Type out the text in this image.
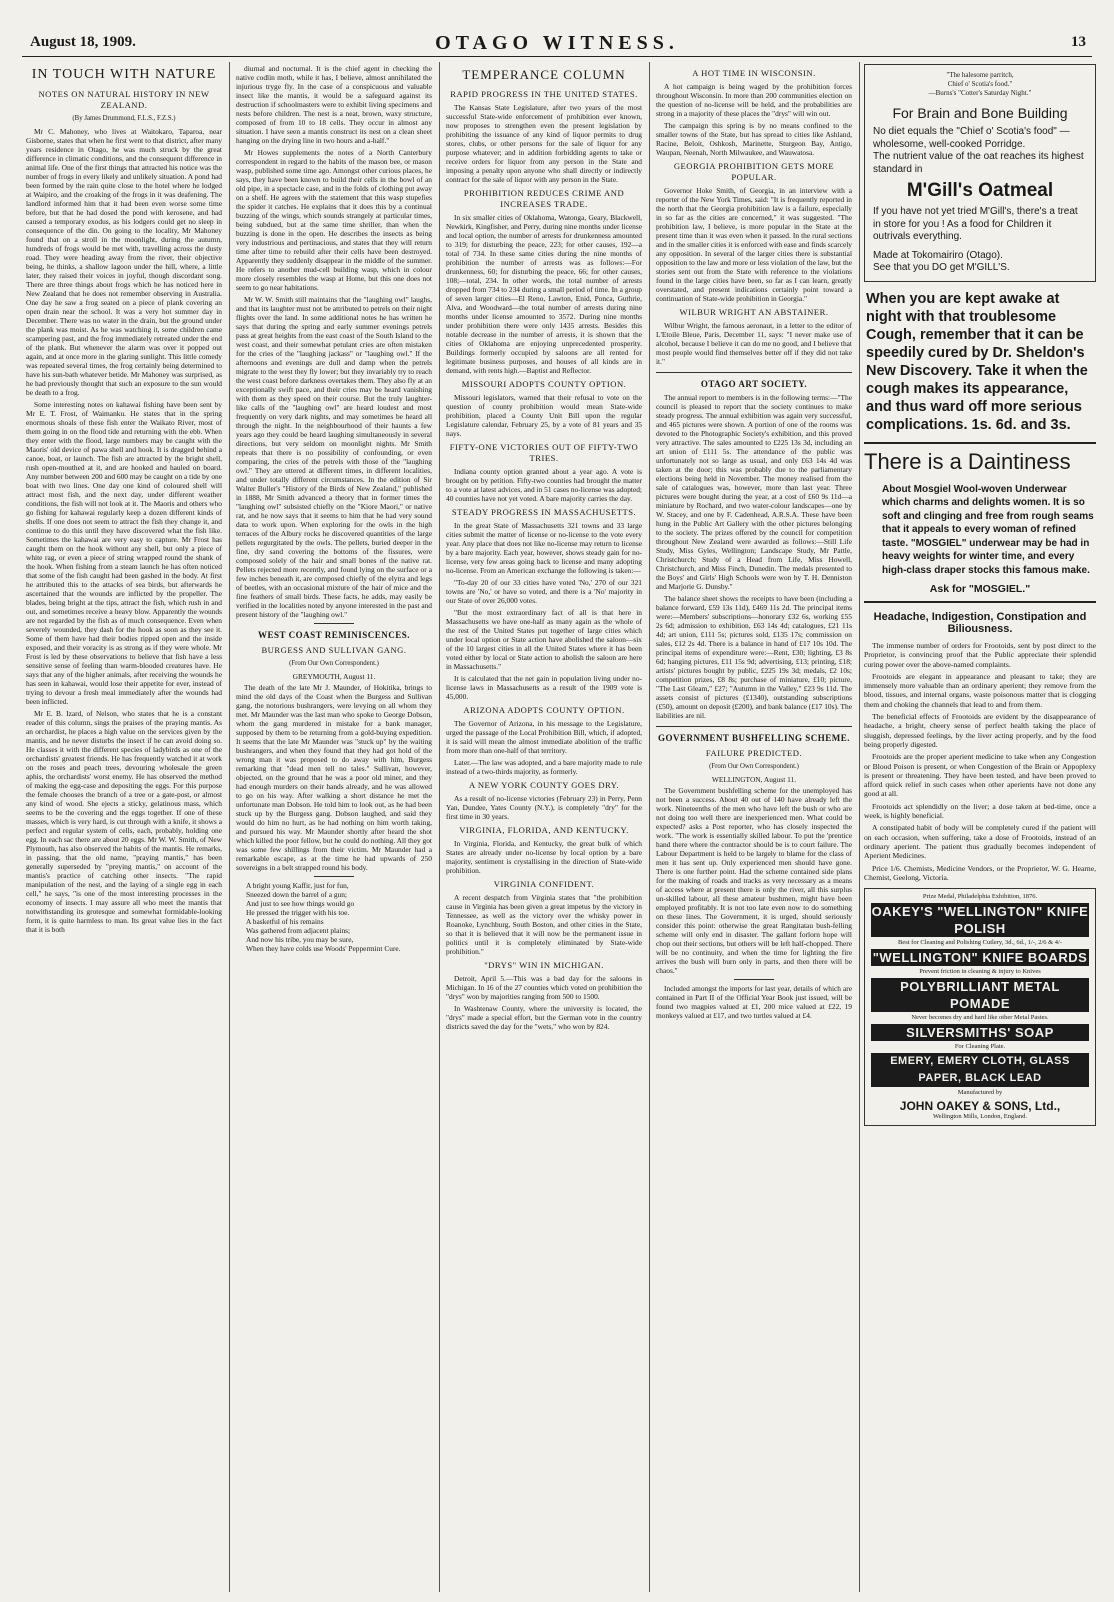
August 18, 1909.	OTAGO WITNESS.	13
IN TOUCH WITH NATURE
NOTES ON NATURAL HISTORY IN NEW ZEALAND.

(By James Drummond, F.L.S., F.Z.S.)

Mr C. Mahoney, who lives at Waitokaro, Taparoa, near Gisborne, states that when he first went to that district, after many years residence in Otago, he was much struck by the great difference in climatic conditions, and the consequent difference in animal life. One of the first things that attracted his notice was the number of frogs in every likely and unlikely situation. A pond had been formed by the rain quite close to the hotel where he lodged at Waipiro, and the croaking of the frogs in it was deafening. The landlord informed him that it had been even worse some time before, but that he had dosed the pond with kerosene, and had caused a temporary exodus, as his lodgers could get no sleep in consequence of the din. On going to the locality, Mr Mahoney found that on a stroll in the moonlight, during the autumn, hundreds of frogs would be met with, travelling across the dusty road. They were heading away from the river, their objective being, he thinks, a shallow lagoon under the hill, where, a little later, they raised their voices in joyful, though discordant song. There are three things about frogs which he has noticed here in New Zealand that he does not remember observing in Australia. One day he saw a frog seated on a piece of plank covering an open drain near the school. It was a very hot summer day in December. There was no water in the drain, but the ground under the plank was moist. As he was watching it, some children came scampering past, and the frog immediately retreated under the end of the plank. But whenever the alarm was over it popped out again, and at once more in the glaring sunlight. This little comedy was repeated several times, the frog certainly being determined to have his sun-bath whatever betide. Mr Mahoney was surprised, as he had previously thought that such an exposure to the sun would be death to a frog.

Some interesting notes on kahawai fishing have been sent by Mr E. T. Frost, of Waimanku. He states that in the spring enormous shoals of these fish enter the Waikato River, most of them going in on the flood tide and returning with the ebb. When they enter with the flood, large numbers may be caught with the Maoris' old device of pawa shell and hook. It is dragged behind a canoe, boat, or launch. The fish are attracted by the bright shell, rush open-mouthed at it, and are hooked and hauled on board. Any number between 200 and 600 may be caught on a tide by one boat with two lines. One day one kind of coloured shell will attract most fish, and the next day, under different weather conditions, the fish will not look at it. The Maoris and others who go fishing for kahawai regularly keep a dozen different kinds of shells. If one does not seem to attract the fish they change it, and continue to do this until they have discovered what the fish like. Sometimes the kahawai are very easy to capture. Mr Frost has caught them on the hook without any shell, but only a piece of white rag, or even a piece of string wrapped round the shank of the hook. When fishing from a steam launch he has often noticed that some of the fish caught had been gashed in the body. At first he attributed this to the attacks of sea birds, but afterwards he ascertained that the wounds are inflicted by the propeller. The blades, being bright at the tips, attract the fish, which rush in and out, and sometimes receive a heavy blow. Apparently the wounds are not regarded by the fish as of much consequence. Even when severely wounded, they dash for the hook as soon as they see it. Some of them have had their bodies ripped open and the inside exposed, and their voracity is as strong as if they were whole. Mr Frost is led by these observations to believe that fish have a less sensitive sense of feeling than warm-blooded creatures have. He says that any of the higher animals, after receiving the wounds he has seen in kahawai, would lose their appetite for ever, instead of trying to devour a fresh meal immediately after the wounds had been inflicted.

Mr E. B. Izard, of Nelson, who states that he is a constant reader of this column, sings the praises of the praying mantis. As an orchardist, he places a high value on the services given by the mantis, and he never disturbs the insect if he can avoid doing so. He classes it with the different species of ladybirds as one of the orchardists' greatest friends. He has frequently watched it at work on the roses and peach trees, devouring wholesale the green aphis, the orchardists' worst enemy. He has observed the method of making the egg-case and depositing the eggs. For this purpose the female chooses the branch of a tree or a gate-post, or almost any kind of wood. She ejects a sticky, gelatinous mass, which seems to be the covering and the eggs together. If one of these masses, which is very hard, is cut through with a knife, it shows a perfect and regular system of cells, each, probably, holding one egg. In each sac there are about 20 eggs. Mr W. W. Smith, of New Plymouth, has also observed the habits of the mantis. He remarks, in passing, that the old name, "praying mantis," has been generally superseded by "preying mantis," on account of the mantis's practice of catching other insects. "The rapid manipulation of the nest, and the laying of a single egg in each cell," he says, "is one of the most interesting processes in the economy of insects. I may assure all who meet the mantis that notwithstanding its grotesque and somewhat formidable-looking form, it is quite harmless to man. Its great value lies in the fact that it is both

diurnal and nocturnal. It is the chief agent in checking the native codlin moth, while it has, I believe, almost annihilated the injurious tryge fly. In the case of a conspicuous and valuable insect like the mantis, it would be a safeguard against its destruction if schoolmasters were to exhibit living specimens and nests before children. The nest is a neat, brown, waxy structure, composed of from 10 to 18 cells. They occur in almost any situation. I have seen a mantis construct its nest on a clean sheet hanging on the drying line in two hours and a-half."

Mr Howes supplements the notes of a North Canterbury correspondent in regard to the habits of the mason bee, or mason wasp, published some time ago. Amongst other curious places, he says, they have been known to build their cells in the bowl of an old pipe, in a spectacle case, and in the folds of clothing put away on a shelf. He agrees with the statement that this wasp stupefies the spider it catches. He explains that it does this by a continual buzzing of the wings, which sounds strangely at particular times, being subdued, but at the same time shriller, than when the buzzing is done in the open. He describes the insects as being very industrious and pertinacious, and states that they will return time after time to rebuild after their cells have been destroyed. Apparently they suddenly disappear in the middle of the summer. He refers to another mud-cell building wasp, which in colour more closely resembles the wasp at Home, but this one does not seem to go near habitations.

Mr W. W. Smith still maintains that the "laughing owl" laughs, and that its laughter must not be attributed to petrels on their night flights over the land. In some additional notes he has written he says that during the spring and early summer evenings petrels pass at great heights from the east coast of the South Island to the west coast, and their somewhat petulant cries are often mistaken for the cries of the "laughing jackass" or "laughing owl." If the afternoons and evenings are dull and damp when the petrels migrate to the west they fly lower; but they invariably try to reach the west coast before darkness overtakes them. They also fly at an exceptionally swift pace, and their cries may be heard vanishing with them as they speed on their course. But the truly laughter-like calls of the "laughing owl" are heard loudest and most frequently on very dark nights, and may sometimes be heard all through the night. In the neighbourhood of their haunts a few years ago they could be heard laughing simultaneously in several directions, but very seldom on moonlight nights. Mr Smith repeats that there is no possibility of confounding, or even comparing, the cries of the petrels with those of the "laughing owl." They are uttered at different times, in different localities, and under totally different circumstances. In the edition of Sir Walter Buller's "History of the Birds of New Zealand," published in 1888, Mr Smith advanced a theory that in former times the "laughing owl" subsisted chiefly on the "Kiore Maori," or native rat, and he now says that it seems to him that he had very sound data to work upon. When exploring for the owls in the high terraces of the Albury rocks he discovered quantities of the large pellets regurgitated by the owls. The pellets, buried deeper in the fine, dry sand covering the bottoms of the fissures, were composed solely of the hair and small bones of the native rat. Pellets rejected more recently, and found lying on the surface or a few inches beneath it, are composed chiefly of the elytra and legs of beetles, with an occasional mixture of the hair of mice and the fine feathers of small birds. These facts, he adds, may easily be verified in the localities noted by anyone interested in the past and present history of the "laughing owl."

WEST COAST REMINISCENCES.
BURGESS AND SULLIVAN GANG.

(From Our Own Correspondent.)

GREYMOUTH, August 11.

The death of the late Mr J. Maunder, of Hokitika, brings to mind the old days of the Coast when the Burgess and Sullivan gang, the notorious bushrangers, were levying on all whom they met. Mr Maunder was the last man who spoke to George Dobson, whom the gang murdered in mistake for a bank manager, supposed by them to be returning from a gold-buying expedition. It seems that the late Mr Maunder was "stuck up" by the waiting bushrangers, and when they found that they had got hold of the wrong man it was proposed to do away with him, Burgess remarking that "dead men tell no tales." Sullivan, however, objected, on the ground that he was a poor old miner, and they had enough murders on their hands already, and he was allowed to go on his way. After walking a short distance he met the unfortunate man Dobson. He told him to look out, as he had been stuck up by the Burgess gang. Dobson laughed, and said they would do him no hurt, as he had nothing on him worth taking, and pursued his way. Mr Maunder shortly after heard the shot which killed the poor fellow, but he could do nothing. All they got was some few shillings from their victim. Mr Maunder had a remarkable escape, as at the time he had upwards of 250 sovereigns in a belt strapped round his body.

A bright young Kaffir, just for fun,
Sneezed down the barrel of a gun;
And just to see how things would go
He pressed the trigger with his toe.
A basketful of his remains
Was gathered from adjacent plains;
And now his tribe, you may be sure,
When they have colds use Woods' Peppermint Cure.
TEMPERANCE COLUMN
RAPID PROGRESS IN THE UNITED STATES.

The Kansas State Legislature, after two years of the most successful State-wide enforcement of prohibition ever known, now proposes to strengthen even the present legislation by prohibiting the issuance of any kind of liquor permits to drug stores, clubs, or other persons for the sale of liquor for any purpose whatever; and in addition forbidding agents to take or receive orders for liquor from any person in the State and imposing a penalty upon anyone who shall directly or indirectly contract for the sale of liquor with any person in the State.

PROHIBITION REDUCES CRIME AND INCREASES TRADE.

In six smaller cities of Oklahoma, Watonga, Geary, Blackwell, Newkirk, Kingfisher, and Perry, during nine months under license and local option, the number of arrests for drunkenness amounted to 319; for disturbing the peace, 223; for other causes, 192—a total of 734. In these same cities during the nine months of prohibition the number of arrests was as follows:—For drunkenness, 60; for disturbing the peace, 66; for other causes, 108;—total, 234. In other words, the total number of arrests dropped from 734 to 234 during a small period of time. In a group of seven larger cities—El Reno, Lawton, Enid, Ponca, Guthrie, Alva, and Woodward—the total number of arrests during nine months under license amounted to 3572. During nine months under prohibition there were only 1435 arrests. Besides this notable decrease in the number of arrests, it is shown that the cities of Oklahoma are enjoying unprecedented prosperity. Buildings formerly occupied by saloons are all rented for legitimate business purposes, and houses of all kinds are in demand, with rents high.—Baptist and Reflector.

MISSOURI ADOPTS COUNTY OPTION.

Missouri legislators, warned that their refusal to vote on the question of county prohibition would mean State-wide prohibition, placed a County Unit Bill upon the regular Legislature calendar, February 25, by a vote of 81 years and 35 nays.

FIFTY-ONE VICTORIES OUT OF FIFTY-TWO TRIES.

Indiana county option granted about a year ago. A vote is brought on by petition. Fifty-two counties had brought the matter to a vote at latest advices, and in 51 cases no-license was adopted; 40 counties have not yet voted. A bare majority carries the day.

STEADY PROGRESS IN MASSACHUSETTS.

In the great State of Massachusetts 321 towns and 33 large cities submit the matter of license or no-license to the vote every year. Any place that does not like no-license may return to license by a bare majority. Each year, however, shows steady gain for no-license, very few areas going back to license and many adopting no-license. From an American exchange the following is taken:—

"To-day 20 of our 33 cities have voted 'No,' 270 of our 321 towns are 'No,' or have so voted, and there is a 'No' majority in our State of over 26,000 votes.

"But the most extraordinary fact of all is that here in Massachusetts we have one-half as many again as the whole of the rest of the United States put together of large cities which under local option or State action have abolished the saloon—six of the 10 largest cities in all the United States where it has been voted either by local or State action to abolish the saloon are here in Massachusetts."

It is calculated that the net gain in population living under no-license laws in Massachusetts as a result of the 1909 vote is 45,000.

ARIZONA ADOPTS COUNTY OPTION.

The Governor of Arizona, in his message to the Legislature, urged the passage of the Local Prohibition Bill, which, if adopted, it is said will mean the almost immediate abolition of the traffic from more than one-half of that territory.

Later.—The law was adopted, and a bare majority made to rule instead of a two-thirds majority, as formerly.

A NEW YORK COUNTY GOES DRY.

As a result of no-license victories (February 23) in Perry, Penn Yan, Dundee, Yates County (N.Y.), is completely "dry" for the first time in 30 years.

VIRGINIA, FLORIDA, AND KENTUCKY.

In Virginia, Florida, and Kentucky, the great bulk of which States are already under no-license by local option by a bare majority, sentiment is crystallising in the direction of State-wide prohibition.

VIRGINIA CONFIDENT.

A recent despatch from Virginia states that "the prohibition cause in Virginia has been given a great impetus by the victory in Tennessee, as well as the victory over the whisky power in Roanoke, Lynchburg, South Boston, and other cities in the State, so that it is believed that it will now be the permanent issue in politics until it is completely eliminated by State-wide prohibition."

"DRYS" WIN IN MICHIGAN.

Detroit, April 5.—This was a bad day for the saloons in Michigan. In 16 of the 27 counties which voted on prohibition the "drys" won by majorities ranging from 500 to 1500.

In Washtenaw County, where the university is located, the "drys" made a special effort, but the German vote in the country districts saved the day for the "wets," who won by 824.

A HOT TIME IN WISCONSIN.

A hot campaign is being waged by the prohibition forces throughout Wisconsin. In more than 200 communities election on the question of no-license will be held, and the probabilities are strong in a majority of these places the "drys" will win out.

The campaign this spring is by no means confined to the smaller towns of the State, but has spread to cities like Ashland, Racine, Beloit, Oshkosh, Marinette, Sturgeon Bay, Antigo, Waupan, Neenah, North Milwaukee, and Wauwatosa.

GEORGIA PROHIBITION GETS MORE POPULAR.

Governor Hoke Smith, of Georgia, in an interview with a reporter of the New York Times, said: "It is frequently reported in the north that the Georgia prohibition law is a failure, especially in so far as the cities are concerned," it was suggested. "The prohibition law, I believe, is more popular in the State at the present time than it was even when it passed. In the rural sections and in the smaller cities it is enforced with ease and finds scarcely any opposition. In several of the larger cities there is substantial opposition to the law and more or less violation of the law, but the stories sent out from the State with reference to the violations found in the large cities have been, so far as I can learn, greatly overstated, and present indications certainly point toward a continuation of State-wide prohibition in Georgia."

WILBUR WRIGHT AN ABSTAINER.

Wilbur Wright, the famous aeronaut, in a letter to the editor of L'Etoile Bleue, Paris, December 11, says: "I never make use of alcohol, because I believe it can do me no good, and I believe that most people would find themselves better off if they did not take it."

OTAGO ART SOCIETY.

The annual report to members is in the following terms:—"The council is pleased to report that the society continues to make steady progress. The annual exhibition was again very successful, and 465 pictures were shown. A portion of one of the rooms was devoted to the Photographic Society's exhibition, and this proved very attractive. The sales amounted to £225 13s 3d, including an art union of £111 5s. The attendance of the public was unfortunately not so large as usual, and only £63 14s 4d was taken at the door; this was probably due to the parliamentary elections being held in November. The money realised from the sale of catalogues was, however, more than last year. Three pictures were bought during the year, at a cost of £60 9s 11d—a miniature by Rochard, and two water-colour landscapes—one by W. Stacey, and one by F. Cadenhead, A.R.S.A. These have been hung in the Public Art Gallery with the other pictures belonging to the society. The prizes offered by the council for competition throughout New Zealand were awarded as follows:—Still Life Study, Miss Gyles, Wellington; Landscape Study, Mr Pattle, Christchurch; Study of a Head from Life, Miss Howell, Christchurch, and Miss Finch, Dunedin. The medals presented to the Boys' and Girls' High Schools were won by T. H. Denniston and Marjorie G. Dunsby."

The balance sheet shows the receipts to have been (including a balance forward, £59 13s 11d), £469 11s 2d. The principal items were:—Members' subscriptions—honorary £32 6s, working £55 2s 6d; admission to exhibition, £63 14s 4d; catalogues, £21 11s 4d; art union, £111 5s; pictures sold, £135 17s; commission on sales, £12 2s 4d. There is a balance in hand of £17 10s 10d. The principal items of expenditure were:—Rent, £30; lighting, £3 8s 6d; hanging pictures, £11 15s 9d; advertising, £13; printing, £18; artists' pictures bought by public, £225 19s 3d; medals, £2 10s; competition prizes, £8 8s; purchase of miniature, £10; picture, "The Last Gleam," £27; "Autumn in the Valley," £23 9s 11d. The assets consist of pictures (£1340), outstanding subscriptions (£50), amount on deposit (£200), and bank balance (£17 10s). The liabilities are nil.

GOVERNMENT BUSHFELLING SCHEME.
FAILURE PREDICTED.

(From Our Own Correspondent.)

WELLINGTON, August 11.

The Government bushfelling scheme for the unemployed has not been a success. About 40 out of 140 have already left the work. Nineteenths of the men who have left the bush or who are not doing too well there are inexperienced men. What could be expected? asks a Post reporter, who has closely inspected the work. "The work is essentially skilled labour. To put the 'prentice hand there where the contractor should be is to court failure. The Labour Department is held to be largely to blame for the class of men it has sent up. Only experienced men should have gone. There is one further point. Had the scheme contained side plans for the making of roads and tracks as very necessary as a means of access where at present there is only the river, all this surplus un-skilled labour, all these amateur bushmen, might have been employed profitably. It is not too late even now to do something on these lines. The Government, it is urged, should seriously consider this point: otherwise the great Rangitatau bush-felling scheme will only end in disaster. The gallant forlorn hope will chop out their sections, but others will be left half-chopped. There will be no continuity, and when the time for lighting the fire arrives the bush will burn only in parts, and then there will be chaos."

Included amongst the imports for last year, details of which are contained in Part II of the Official Year Book just issued, will be found two magpies valued at £1, 200 mice valued at £22, 19 monkeys valued at £17, and two turtles valued at £4.

"The halesome parritch,
Chief o' Scotia's food."
—Burns's "Cotter's Saturday Night."
For Brain and Bone Building
No diet equals the "Chief o' Scotia's food" — wholesome, well-cooked Porridge.
The nutrient value of the oat reaches its highest standard in
M'Gill's Oatmeal
If you have not yet tried M'Gill's, there's a treat in store for you ! As a food for Children it outrivals everything.
Made at Tokomairiro (Otago).
See that you DO get M'GILL'S.
When you are kept awake at night with that troublesome Cough, remember that it can be speedily cured by Dr. Sheldon's New Discovery. Take it when the cough makes its appearance, and thus ward off more serious complications. 1s. 6d. and 3s.
There is a Daintiness
About Mosgiel Wool-woven Underwear which charms and delights women. It is so soft and clinging and free from rough seams that it appeals to every woman of refined taste. "MOSGIEL" underwear may be had in heavy weights for winter time, and every high-class draper stocks this famous make.
Ask for "MOSGIEL."
Headache, Indigestion, Constipation and Biliousness.

The immense number of orders for Frootoids, sent by post direct to the Proprietor, is convincing proof that the Public appreciate their splendid curing power over the above-named complaints.

Frootoids are elegant in appearance and pleasant to take; they are immensely more valuable than an ordinary aperient; they remove from the blood, tissues, and internal organs, waste poisonous matter that is clogging them and choking the channels that lead to and from them.

The beneficial effects of Frootoids are evident by the disappearance of headache, a bright, cheery sense of perfect health taking the place of sluggish, depressed feelings, by the liver acting properly, and by the food being properly digested.

Frootoids are the proper aperient medicine to take when any Congestion or Blood Poison is present, or when Congestion of the Brain or Appoplexy is present or threatening. They have been tested, and have been proved to afford quick relief in such cases when other aperients have not done any good at all.

Frootoids act splendidly on the liver; a dose taken at bed-time, once a week, is highly beneficial.

A constipated habit of body will be completely cured if the patient will on each occasion, when suffering, take a dose of Frootoids, instead of an ordinary aperient. The patient thus gradually becomes independent of Aperient Medicines.

Price 1/6. Chemists, Medicine Vendors, or the Proprietor, W. G. Hearne, Chemist, Geelong, Victoria.

Prize Medal, Philadelphia Exhibition, 1876.
OAKEY'S "WELLINGTON" KNIFE POLISH
Best for Cleaning and Polishing Cutlery, 3d., 6d., 1/-, 2/6 & 4/-
"WELLINGTON" KNIFE BOARDS
Prevent friction in cleaning & injury to Knives
POLYBRILLIANT METAL POMADE
Never becomes dry and hard like other Metal Pastes.
SILVERSMITHS' SOAP
For Cleaning Plate.
EMERY, EMERY CLOTH, GLASS PAPER, BLACK LEAD
Manufactured by
JOHN OAKEY & SONS, Ltd.,
Wellington Mills, London, England.
